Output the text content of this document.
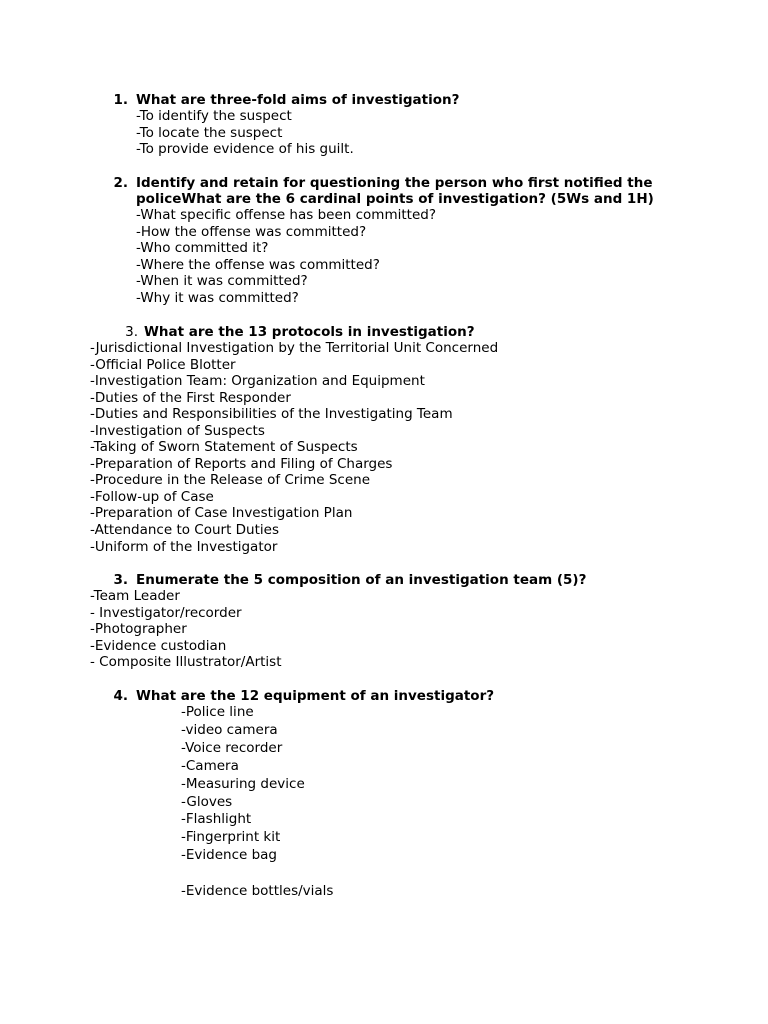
1. What are three-fold aims of investigation?
-To identify the suspect
-To locate the suspect
-To provide evidence of his guilt.
2. Identify and retain for questioning the person who first notified the
policeWhat are the 6 cardinal points of investigation? (5Ws and 1H)
-What specific offense has been committed?
-How the offense was committed?
-Who committed it?
-Where the offense was committed?
-When it was committed?
-Why it was committed?
3. What are the 13 protocols in investigation?
-Jurisdictional Investigation by the Territorial Unit Concerned
-Official Police Blotter
-Investigation Team: Organization and Equipment
-Duties of the First Responder
-Duties and Responsibilities of the Investigating Team
-Investigation of Suspects
-Taking of Sworn Statement of Suspects
-Preparation of Reports and Filing of Charges
-Procedure in the Release of Crime Scene
-Follow-up of Case
-Preparation of Case Investigation Plan
-Attendance to Court Duties
-Uniform of the Investigator
3. Enumerate the 5 composition of an investigation team (5)?
-Team Leader
- Investigator/recorder
-Photographer
-Evidence custodian
- Composite Illustrator/Artist
4. What are the 12 equipment of an investigator?
-Police line
-video camera
-Voice recorder
-Camera
-Measuring device
-Gloves
-Flashlight
-Fingerprint kit
-Evidence bag

-Evidence bottles/vials
